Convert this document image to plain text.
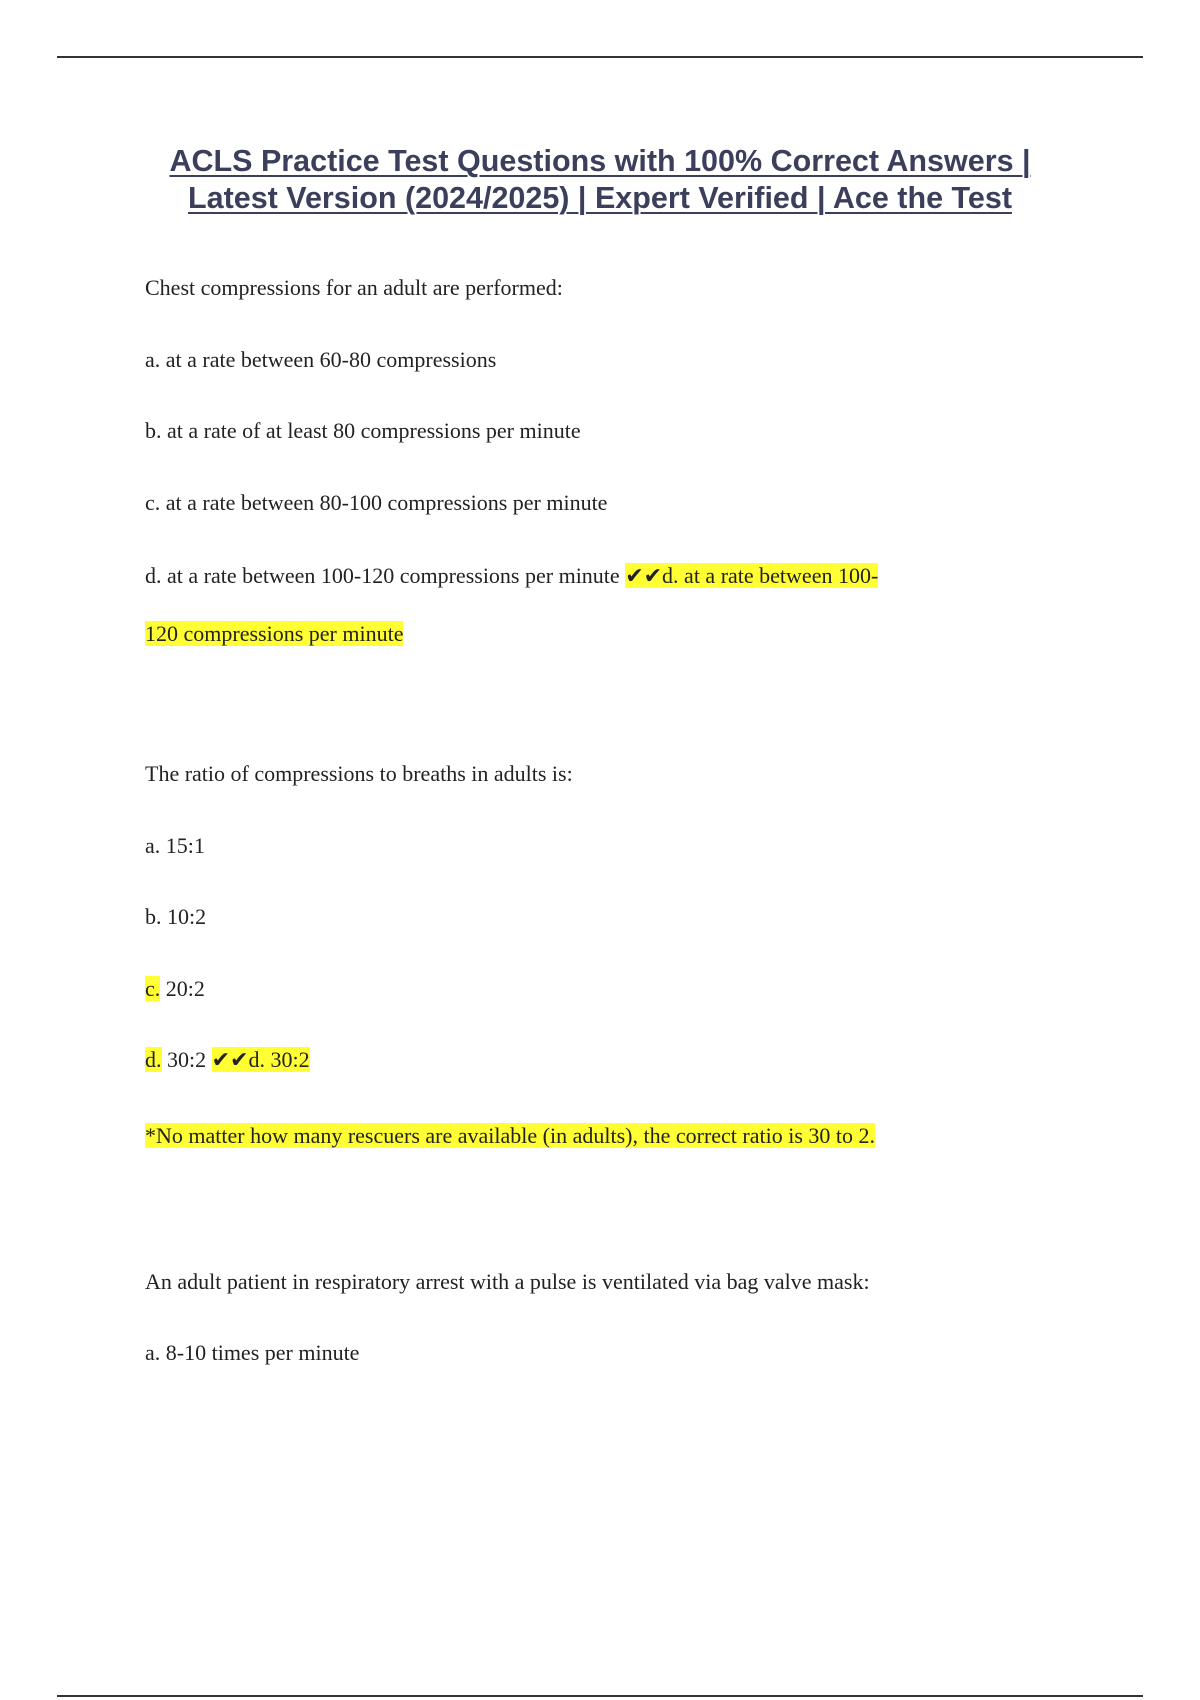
ACLS Practice Test Questions with 100% Correct Answers |
Latest Version (2024/2025) | Expert Verified | Ace the Test
Chest compressions for an adult are performed:
a. at a rate between 60-80 compressions
b. at a rate of at least 80 compressions per minute
c. at a rate between 80-100 compressions per minute
d. at a rate between 100-120 compressions per minute ✔✔d. at a rate between 100-
120 compressions per minute
The ratio of compressions to breaths in adults is:
a. 15:1
b. 10:2
c. 20:2
d. 30:2 ✔✔d. 30:2
*No matter how many rescuers are available (in adults), the correct ratio is 30 to 2.
An adult patient in respiratory arrest with a pulse is ventilated via bag valve mask:
a. 8-10 times per minute
